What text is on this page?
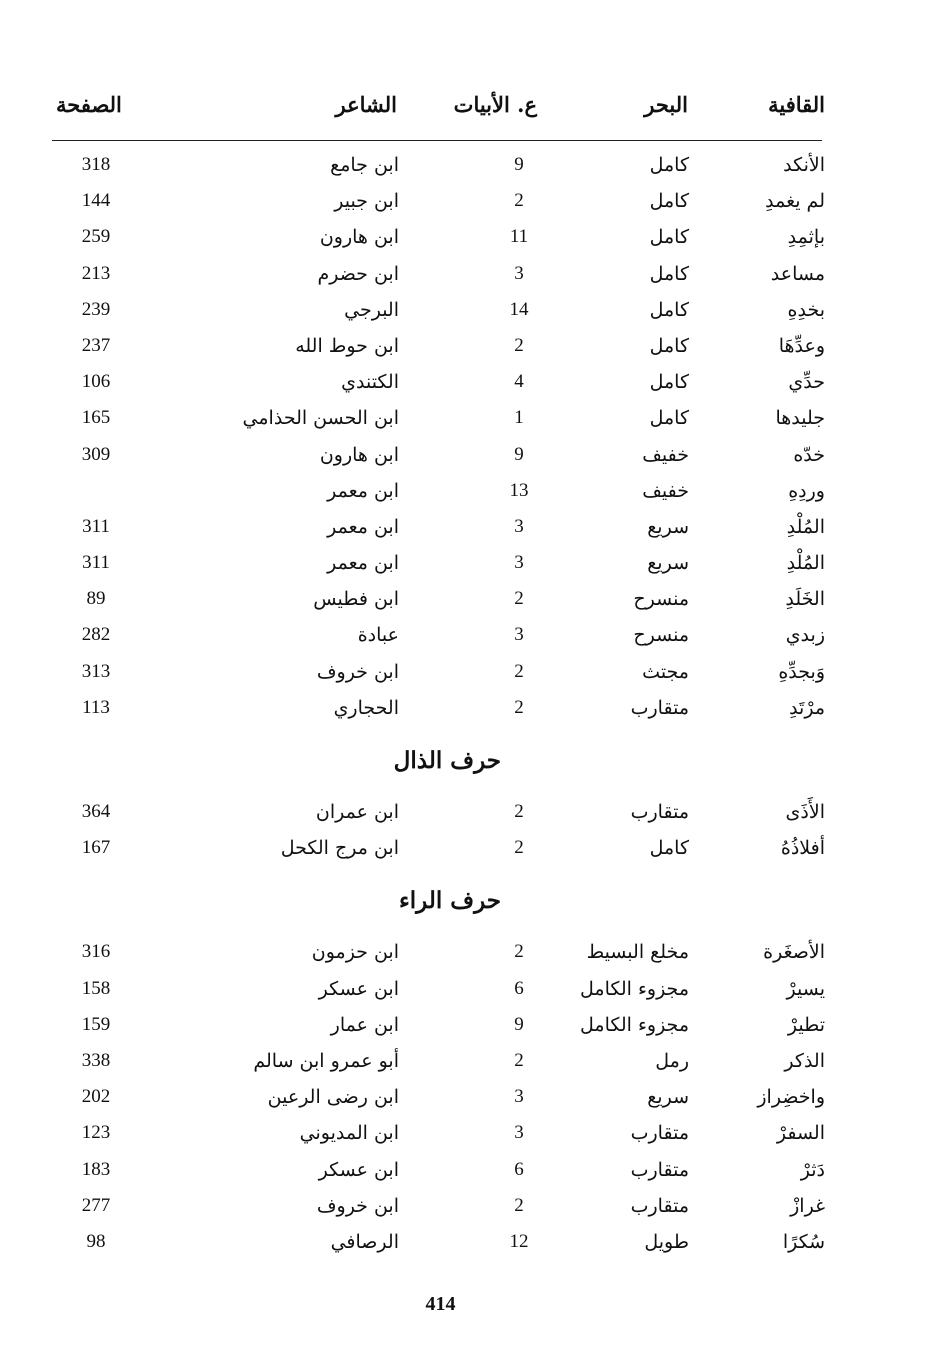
القافية
البحر
ع. الأبيات
الشاعر
الصفحة
الأنكد
كامل
9
ابن جامع
318
لم يغمدِ
كامل
2
ابن جبير
144
بإثمِدِ
كامل
11
ابن هارون
259
مساعد
كامل
3
ابن حضرم
213
بخدِهِ
كامل
14
البرجي
239
وعدِّهَا
كامل
2
ابن حوط الله
237
حدِّي
كامل
4
الكتندي
106
جليدها
كامل
1
ابن الحسن الحذامي
165
خدّه
خفيف
9
ابن هارون
309
وردِهِ
خفيف
13
ابن معمر
المُلْدِ
سريع
3
ابن معمر
311
المُلْدِ
سريع
3
ابن معمر
311
الخَلَدِ
منسرح
2
ابن فطيس
89
زبدي
منسرح
3
عبادة
282
وَبجدِّهِ
مجتث
2
ابن خروف
313
مرْتَدِ
متقارب
2
الحجاري
113
حرف الذال
الأَذَى
متقارب
2
ابن عمران
364
أفلاذُهُ
كامل
2
ابن مرج الكحل
167
حرف الراء
الأصغَرة
مخلع البسيط
2
ابن حزمون
316
يسيرْ
مجزوء الكامل
6
ابن عسكر
158
تطيرْ
مجزوء الكامل
9
ابن عمار
159
الذكر
رمل
2
أبو عمرو ابن سالم
338
واخضِراز
سريع
3
ابن رضى الرعين
202
السفرْ
متقارب
3
ابن المديوني
123
دَثرْ
متقارب
6
ابن عسكر
183
غرازْ
متقارب
2
ابن خروف
277
سُكرًا
طويل
12
الرصافي
98
414
